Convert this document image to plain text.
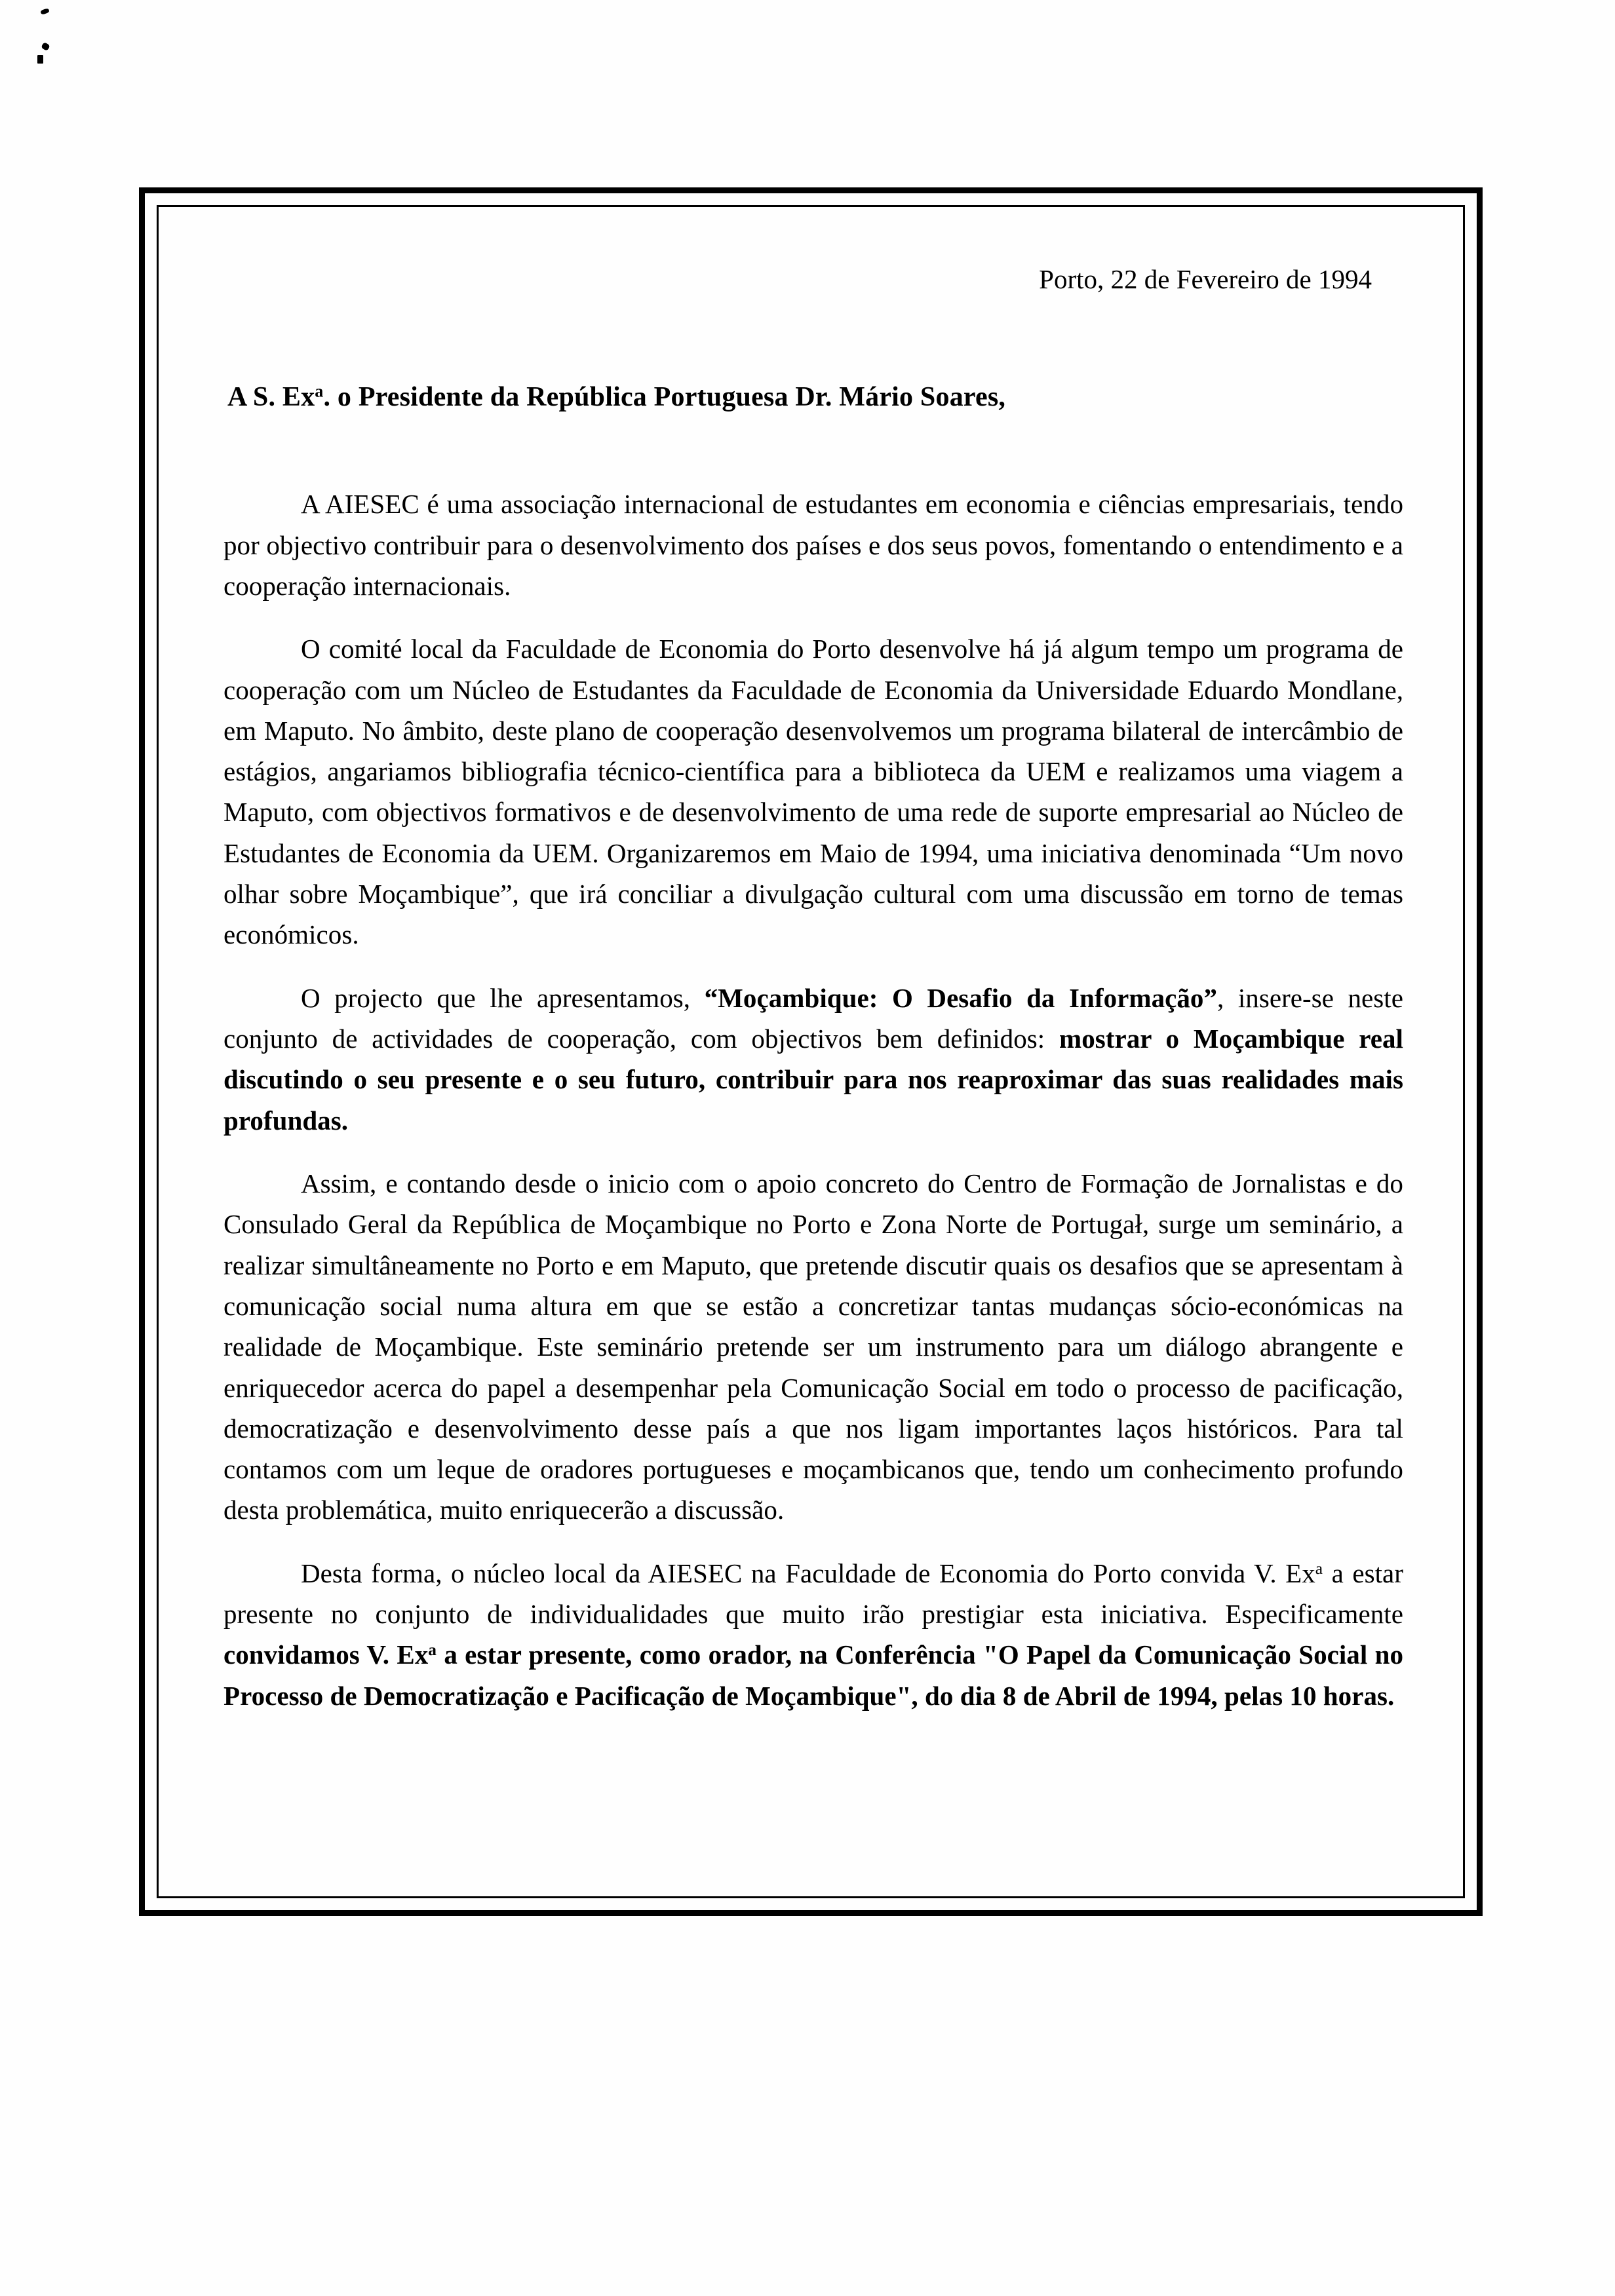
Porto, 22 de Fevereiro de 1994
A S. Ex$^a$. o Presidente da República Portuguesa Dr. Mário Soares,

A AIESEC é uma associação internacional de estudantes em economia e ciências empresariais, tendo por objectivo contribuir para o desenvolvimento dos países e dos seus povos, fomentando o entendimento e a cooperação internacionais.

O comité local da Faculdade de Economia do Porto desenvolve há já algum tempo um programa de cooperação com um Núcleo de Estudantes da Faculdade de Economia da Universidade Eduardo Mondlane, em Maputo. No âmbito, deste plano de cooperação desenvolvemos um programa bilateral de intercâmbio de estágios, angariamos bibliografia técnico-científica para a biblioteca da UEM e realizamos uma viagem a Maputo, com objectivos formativos e de desenvolvimento de uma rede de suporte empresarial ao Núcleo de Estudantes de Economia da UEM. Organizaremos em Maio de 1994, uma iniciativa denominada “Um novo olhar sobre Moçambique”, que irá conciliar a divulgação cultural com uma discussão em torno de temas económicos.

O projecto que lhe apresentamos, “Moçambique: O Desafio da Informação”, insere-se neste conjunto de actividades de cooperação, com objectivos bem definidos: mostrar o Moçambique real discutindo o seu presente e o seu futuro, contribuir para nos reaproximar das suas realidades mais profundas.

Assim, e contando desde o inicio com o apoio concreto do Centro de Formação de Jornalistas e do Consulado Geral da República de Moçambique no Porto e Zona Norte de Portugał, surge um seminário, a realizar simultâneamente no Porto e em Maputo, que pretende discutir quais os desafios que se apresentam à comunicação social numa altura em que se estão a concretizar tantas mudanças sócio-económicas na realidade de Moçambique. Este seminário pretende ser um instrumento para um diálogo abrangente e enriquecedor acerca do papel a desempenhar pela Comunicação Social em todo o processo de pacificação, democratização e desenvolvimento desse país a que nos ligam importantes laços históricos. Para tal contamos com um leque de oradores portugueses e moçambicanos que, tendo um conhecimento profundo desta problemática, muito enriquecerão a discussão.

Desta forma, o núcleo local da AIESEC na Faculdade de Economia do Porto convida V. Ex$^a$ a estar presente no conjunto de individualidades que muito irão prestigiar esta iniciativa. Especificamente convidamos V. Ex$^a$ a estar presente, como orador, na Conferência "O Papel da Comunicação Social no Processo de Democratização e Pacificação de Moçambique", do dia 8 de Abril de 1994, pelas 10 horas.
